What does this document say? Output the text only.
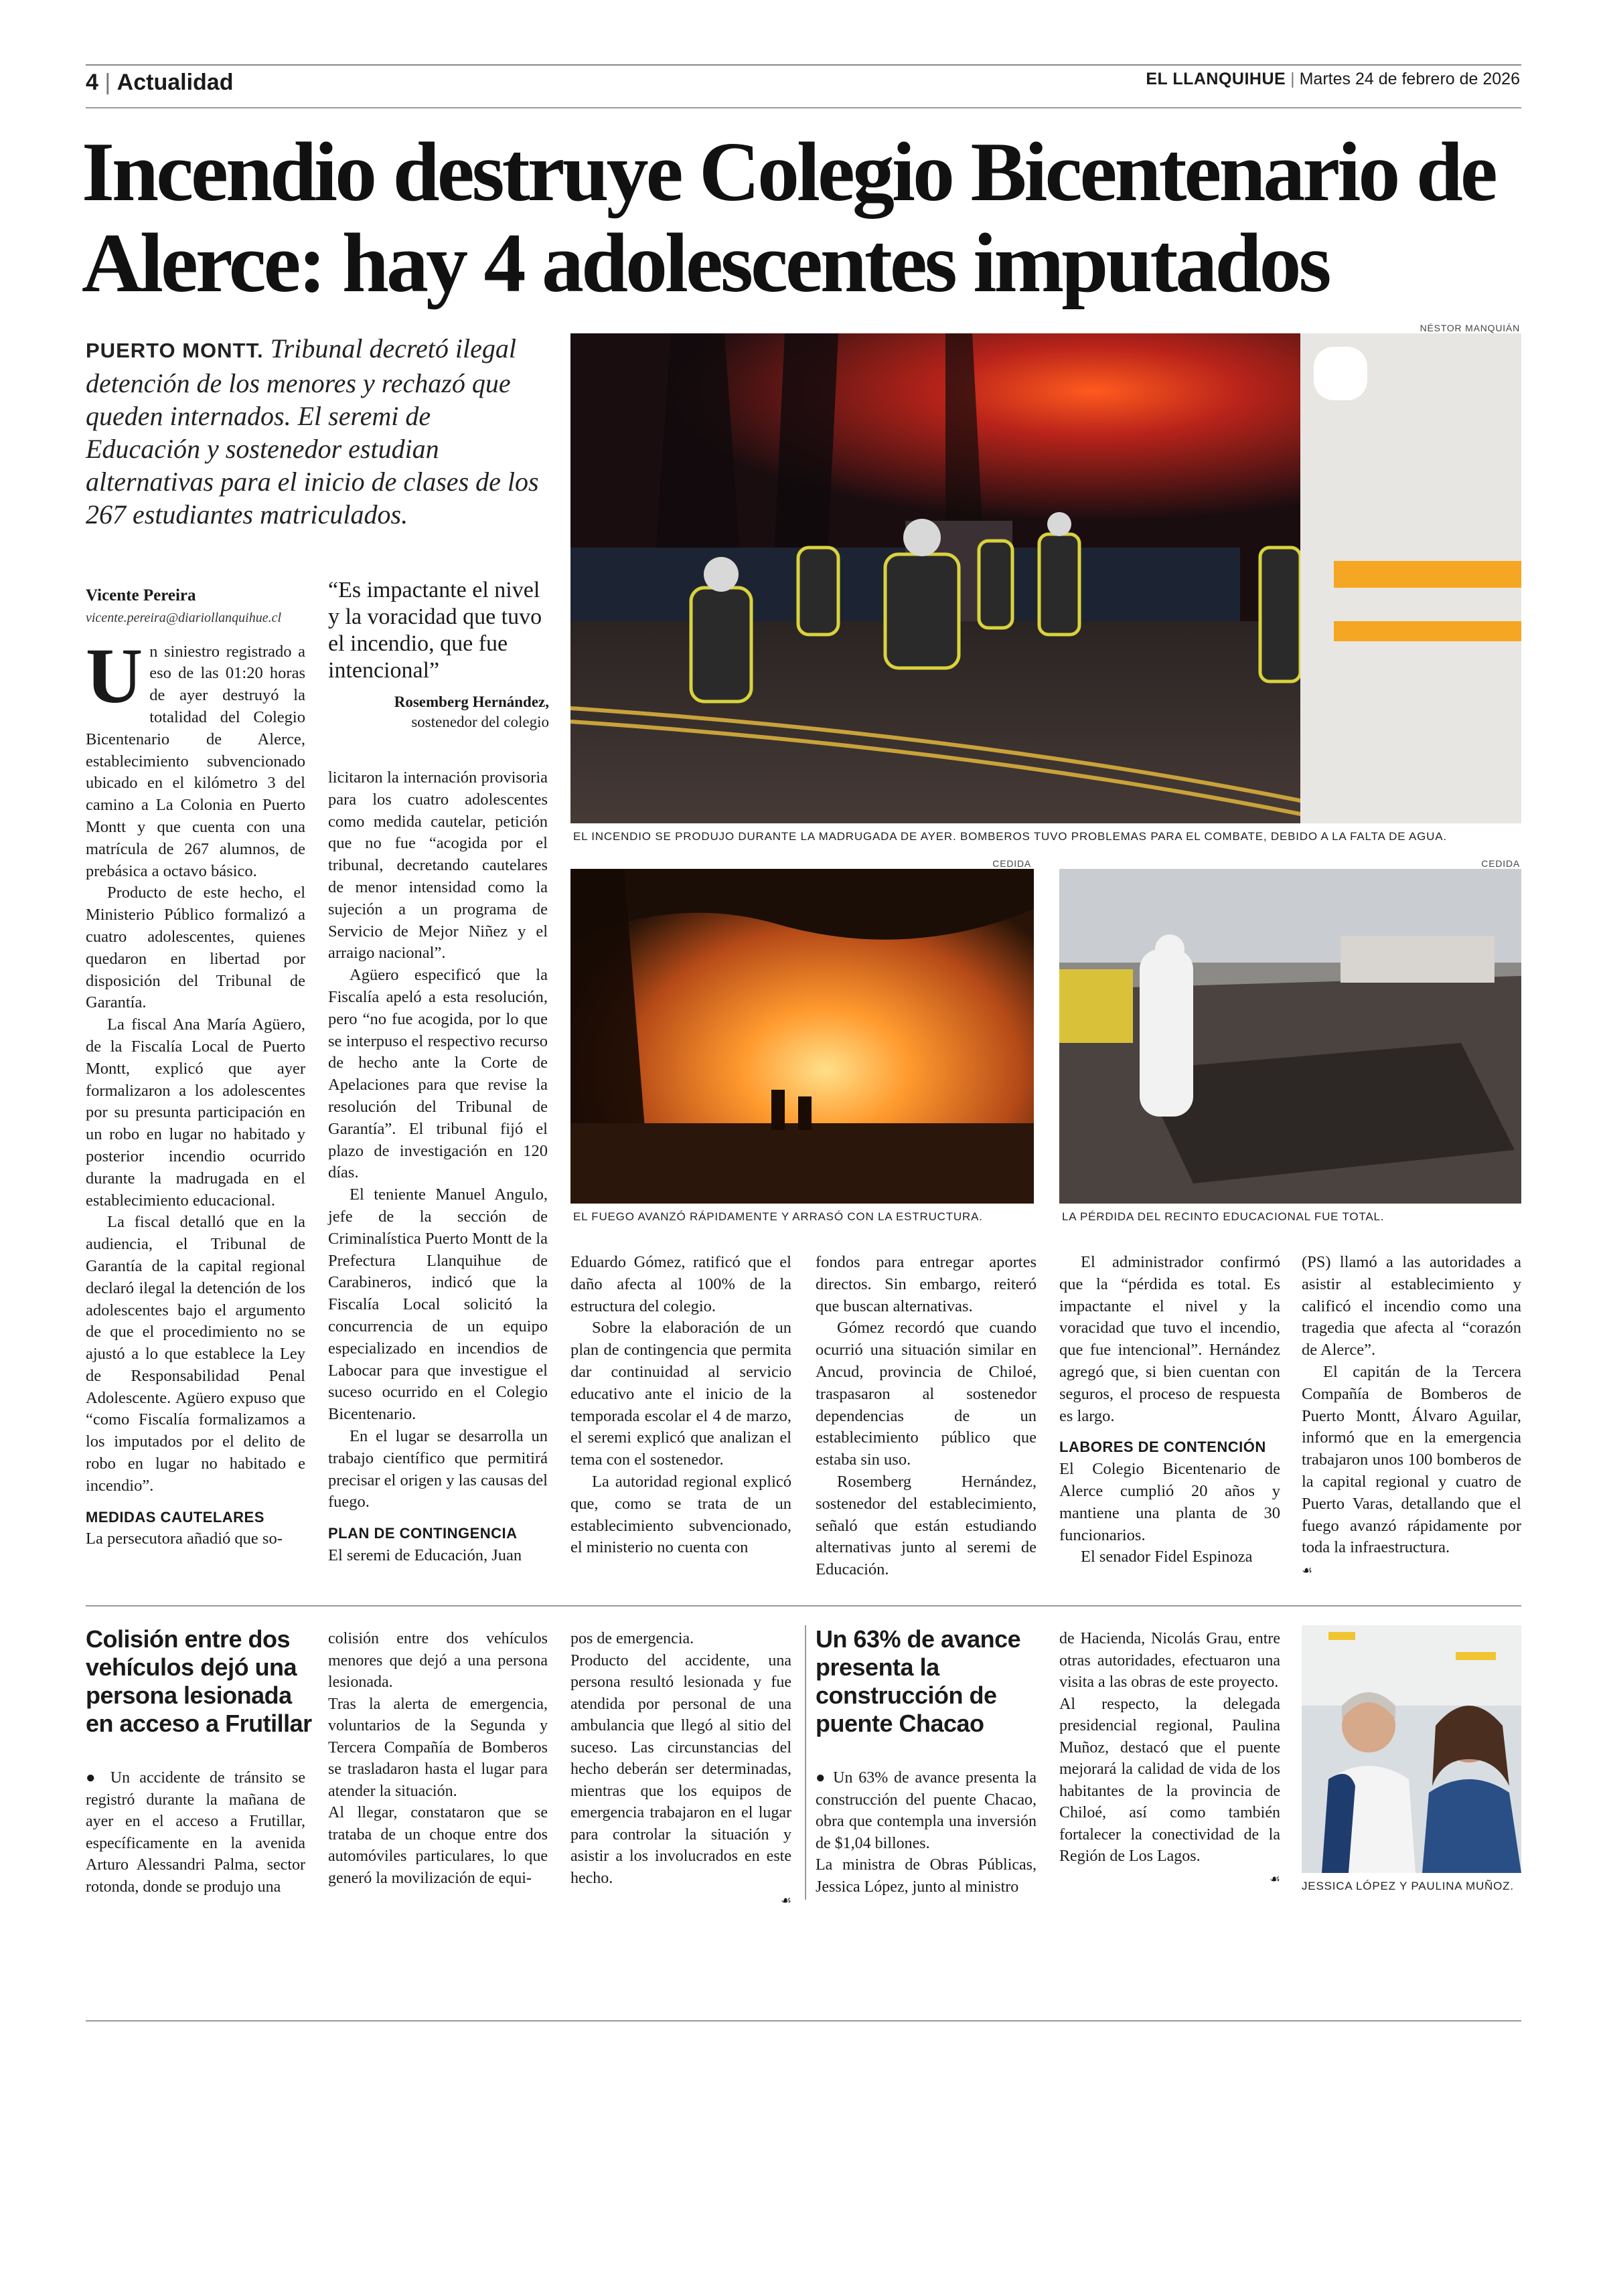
4 | Actualidad	EL LLANQUIHUE | Martes 24 de febrero de 2026
Incendio destruye Colegio Bicentenario de Alerce: hay 4 adolescentes imputados
PUERTO MONTT. Tribunal decretó ilegal detención de los menores y rechazó que queden internados. El seremi de Educación y sostenedor estudian alternativas para el inicio de clases de los 267 estudiantes matriculados.
NÉSTOR MANQUIÁN
EL INCENDIO SE PRODUJO DURANTE LA MADRUGADA DE AYER. BOMBEROS TUVO PROBLEMAS PARA EL COMBATE, DEBIDO A LA FALTA DE AGUA.
CEDIDA
EL FUEGO AVANZÓ RÁPIDAMENTE Y ARRASÓ CON LA ESTRUCTURA.
CEDIDA
LA PÉRDIDA DEL RECINTO EDUCACIONAL FUE TOTAL.
Vicente Pereira
vicente.pereira@diariollanquihue.cl

Un siniestro registrado a eso de las 01:20 horas de ayer destruyó la totalidad del Colegio Bicentenario de Alerce, establecimiento subvencionado ubicado en el kilómetro 3 del camino a La Colonia en Puerto Montt y que cuenta con una matrícula de 267 alumnos, de prebásica a octavo básico.

Producto de este hecho, el Ministerio Público formalizó a cuatro adolescentes, quienes quedaron en libertad por disposición del Tribunal de Garantía.

La fiscal Ana María Agüero, de la Fiscalía Local de Puerto Montt, explicó que ayer formalizaron a los adolescentes por su presunta participación en un robo en lugar no habitado y posterior incendio ocurrido durante la madrugada en el establecimiento educacional.

La fiscal detalló que en la audiencia, el Tribunal de Garantía de la capital regional declaró ilegal la detención de los adolescentes bajo el argumento de que el procedimiento no se ajustó a lo que establece la Ley de Responsabilidad Penal Adolescente. Agüero expuso que “como Fiscalía formalizamos a los imputados por el delito de robo en lugar no habitado e incendio”.

MEDIDAS CAUTELARES

La persecutora añadió que so-

“Es impactante el nivel y la voracidad que tuvo el incendio, que fue intencional”
Rosemberg Hernández,
sostenedor del colegio

licitaron la internación provisoria para los cuatro adolescentes como medida cautelar, petición que no fue “acogida por el tribunal, decretando cautelares de menor intensidad como la sujeción a un programa de Servicio de Mejor Niñez y el arraigo nacional”.

Agüero especificó que la Fiscalía apeló a esta resolución, pero “no fue acogida, por lo que se interpuso el respectivo recurso de hecho ante la Corte de Apelaciones para que revise la resolución del Tribunal de Garantía”. El tribunal fijó el plazo de investigación en 120 días.

El teniente Manuel Angulo, jefe de la sección de Criminalística Puerto Montt de la Prefectura Llanquihue de Carabineros, indicó que la Fiscalía Local solicitó la concurrencia de un equipo especializado en incendios de Labocar para que investigue el suceso ocurrido en el Colegio Bicentenario.

En el lugar se desarrolla un trabajo científico que permitirá precisar el origen y las causas del fuego.

PLAN DE CONTINGENCIA

El seremi de Educación, Juan

Eduardo Gómez, ratificó que el daño afecta al 100% de la estructura del colegio.

Sobre la elaboración de un plan de contingencia que permita dar continuidad al servicio educativo ante el inicio de la temporada escolar el 4 de marzo, el seremi explicó que analizan el tema con el sostenedor.

La autoridad regional explicó que, como se trata de un establecimiento subvencionado, el ministerio no cuenta con

fondos para entregar aportes directos. Sin embargo, reiteró que buscan alternativas.

Gómez recordó que cuando ocurrió una situación similar en Ancud, provincia de Chiloé, traspasaron al sostenedor dependencias de un establecimiento público que estaba sin uso.

Rosemberg Hernández, sostenedor del establecimiento, señaló que están estudiando alternativas junto al seremi de Educación.

El administrador confirmó que la “pérdida es total. Es impactante el nivel y la voracidad que tuvo el incendio, que fue intencional”. Hernández agregó que, si bien cuentan con seguros, el proceso de respuesta es largo.

LABORES DE CONTENCIÓN

El Colegio Bicentenario de Alerce cumplió 20 años y mantiene una planta de 30 funcionarios.

El senador Fidel Espinoza

(PS) llamó a las autoridades a asistir al establecimiento y calificó el incendio como una tragedia que afecta al “corazón de Alerce”.

El capitán de la Tercera Compañía de Bomberos de Puerto Montt, Álvaro Aguilar, informó que en la emergencia trabajaron unos 100 bomberos de la capital regional y cuatro de Puerto Varas, detallando que el fuego avanzó rápidamente por toda la infraestructura.

☙
Colisión entre dos vehículos dejó una persona lesionada en acceso a Frutillar
● Un accidente de tránsito se registró durante la mañana de ayer en el acceso a Frutillar, específicamente en la avenida Arturo Alessandri Palma, sector rotonda, donde se produjo una
colisión entre dos vehículos menores que dejó a una persona lesionada.
Tras la alerta de emergencia, voluntarios de la Segunda y Tercera Compañía de Bomberos se trasladaron hasta el lugar para atender la situación.
Al llegar, constataron que se trataba de un choque entre dos automóviles particulares, lo que generó la movilización de equi-
pos de emergencia.
Producto del accidente, una persona resultó lesionada y fue atendida por personal de una ambulancia que llegó al sitio del suceso. Las circunstancias del hecho deberán ser determinadas, mientras que los equipos de emergencia trabajaron en el lugar para controlar la situación y asistir a los involucrados en este hecho.
☙
Un 63% de avance presenta la construcción de puente Chacao
● Un 63% de avance presenta la construcción del puente Chacao, obra que contempla una inversión de $1,04 billones.
La ministra de Obras Públicas, Jessica López, junto al ministro
de Hacienda, Nicolás Grau, entre otras autoridades, efectuaron una visita a las obras de este proyecto.
Al respecto, la delegada presidencial regional, Paulina Muñoz, destacó que el puente mejorará la calidad de vida de los habitantes de la provincia de Chiloé, así como también fortalecer la conectividad de la Región de Los Lagos.
☙ JESSICA LÓPEZ Y PAULINA MUÑOZ.
